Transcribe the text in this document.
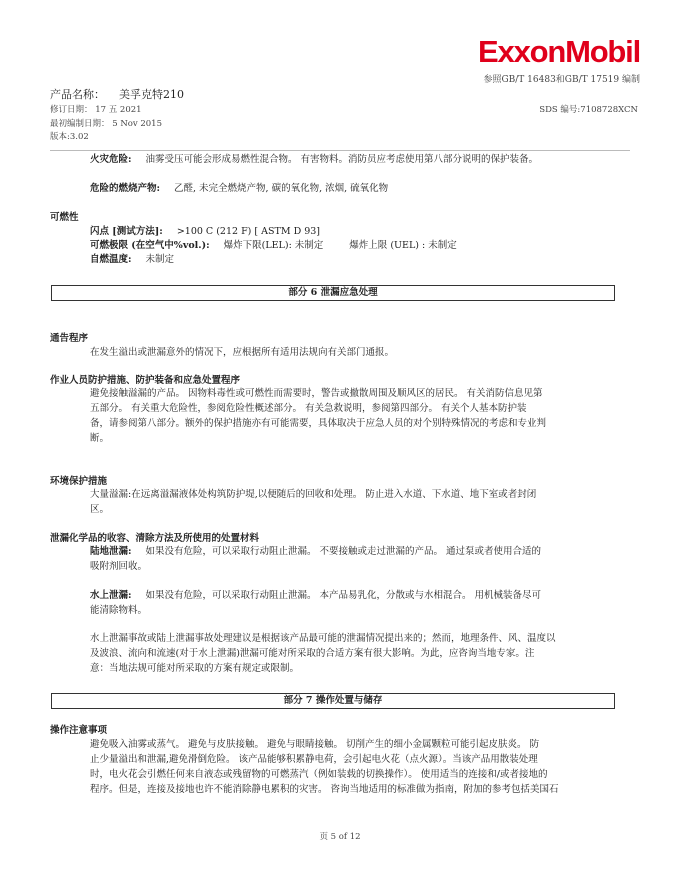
ExxonMobil
参照GB/T 16483和GB/T 17519 编制
产品名称： 美孚克特210
修订日期： 17 五 2021	SDS 编号:7108728XCN
最初编制日期： 5 Nov 2015
版本:3.02
火灾危险: 油雾受压可能会形成易燃性混合物。 有害物料。消防员应考虑使用第八部分说明的保护装备。
危险的燃烧产物: 乙醛, 未完全燃烧产物, 碳的氧化物, 浓烟, 硫氧化物
可燃性
闪点 [测试方法]: >100 C (212 F) [ ASTM D 93]
可燃极限 (在空气中%vol.): 爆炸下限(LEL): 未制定	爆炸上限 (UEL) : 未制定
自燃温度: 未制定
部分 6 泄漏应急处理
通告程序
在发生溢出或泄漏意外的情况下，应根据所有适用法规向有关部门通报。
作业人员防护措施、防护装备和应急处置程序
避免接触溢漏的产品。 因物料毒性或可燃性而需要时，警告或撤散周围及顺风区的居民。 有关消防信息见第
五部分。 有关重大危险性，参阅危险性概述部分。 有关急救说明，参阅第四部分。 有关个人基本防护装
备，请参阅第八部分。额外的保护措施亦有可能需要，具体取决于应急人员的对个别特殊情况的考虑和专业判
断。
环境保护措施
大量溢漏:在远离溢漏液体处构筑防护堤,以便随后的回收和处理。 防止进入水道、下水道、地下室或者封闭
区。
泄漏化学品的收容、清除方法及所使用的处置材料
陆地泄漏: 如果没有危险，可以采取行动阻止泄漏。 不要接触或走过泄漏的产品。 通过泵或者使用合适的
吸附剂回收。
水上泄漏: 如果没有危险，可以采取行动阻止泄漏。 本产品易乳化，分散或与水相混合。 用机械装备尽可
能清除物料。
水上泄漏事故或陆上泄漏事故处理建议是根据该产品最可能的泄漏情况提出来的；然而，地理条件、风、温度以
及波浪、流向和流速(对于水上泄漏)泄漏可能对所采取的合适方案有很大影响。为此，应咨询当地专家。注
意：当地法规可能对所采取的方案有规定或限制。
部分 7 操作处置与储存
操作注意事项
避免吸入油雾或蒸气。 避免与皮肤接触。 避免与眼睛接触。 切削产生的细小金属颗粒可能引起皮肤炎。 防
止少量溢出和泄漏,避免滑倒危险。 该产品能够积累静电荷，会引起电火花（点火源）。当该产品用散装处理
时，电火花会引燃任何来自液态或残留物的可燃蒸汽（例如装载的切换操作）。 使用适当的连接和/或者接地的
程序。但是，连接及接地也许不能消除静电累积的灾害。 咨询当地适用的标准做为指南，附加的参考包括美国石
页 5 of 12
